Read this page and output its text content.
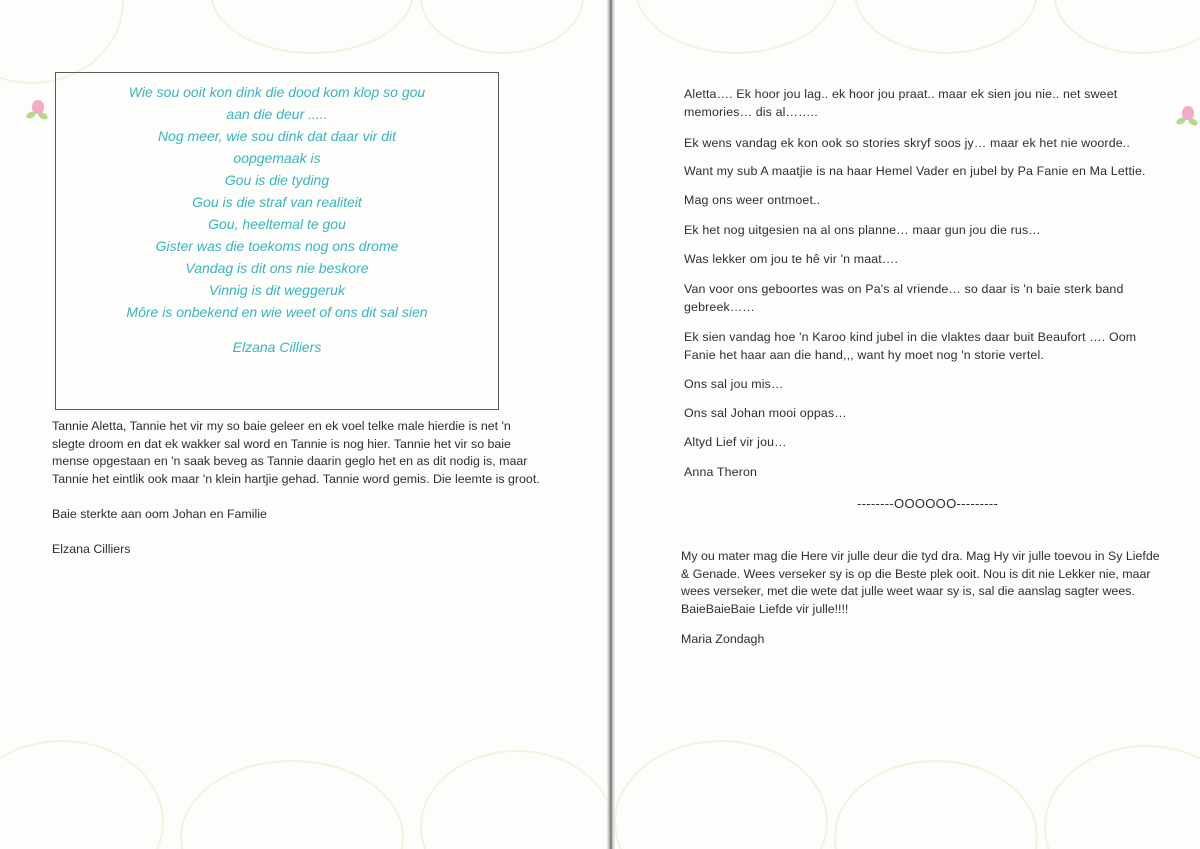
Wie sou ooit kon dink die dood kom klop so gou
aan die deur .....
Nog meer, wie sou dink dat daar vir dit
oopgemaak is
Gou is die tyding
Gou is die straf van realiteit
Gou, heeltemal te gou
Gister was die toekoms nog ons drome
Vandag is dit ons nie beskore
Vinnig is dit weggeruk
Môre is onbekend en wie weet of ons dit sal sien
Elzana Cilliers
Tannie Aletta, Tannie het vir my so baie geleer en ek voel telke male hierdie is net 'n slegte droom en dat ek wakker sal word en Tannie is nog hier. Tannie het vir so baie mense opgestaan en 'n saak beveg as Tannie daarin geglo het en as dit nodig is, maar Tannie het eintlik ook maar 'n klein hartjie gehad. Tannie word gemis. Die leemte is groot.
Baie sterkte aan oom Johan en Familie
Elzana Cilliers
Aletta…. Ek hoor jou lag.. ek hoor jou praat.. maar ek sien jou nie.. net sweet memories… dis al……..
Ek wens vandag ek kon ook so stories skryf soos jy… maar ek het nie woorde..
Want my sub A maatjie is na haar Hemel Vader en jubel by Pa Fanie en Ma Lettie.
Mag ons weer ontmoet..
Ek het nog uitgesien na al ons planne… maar gun jou die rus…
Was lekker om jou te hê vir 'n maat….
Van voor ons geboortes was on Pa's al vriende… so daar is 'n baie sterk band gebreek……
Ek sien vandag hoe 'n Karoo kind jubel in die vlaktes daar buit Beaufort …. Oom Fanie het haar aan die hand,,, want hy moet nog 'n storie vertel.
Ons sal jou mis…
Ons sal Johan mooi oppas…
Altyd Lief vir jou…
Anna Theron
--------OOOOOO---------
My ou mater mag die Here vir julle deur die tyd dra. Mag Hy vir julle toevou in Sy Liefde & Genade. Wees verseker sy is op die Beste plek ooit. Nou is dit nie Lekker nie, maar wees verseker, met die wete dat julle weet waar sy is, sal die aanslag sagter wees. BaieBaieBaie Liefde vir julle!!!!
Maria Zondagh
